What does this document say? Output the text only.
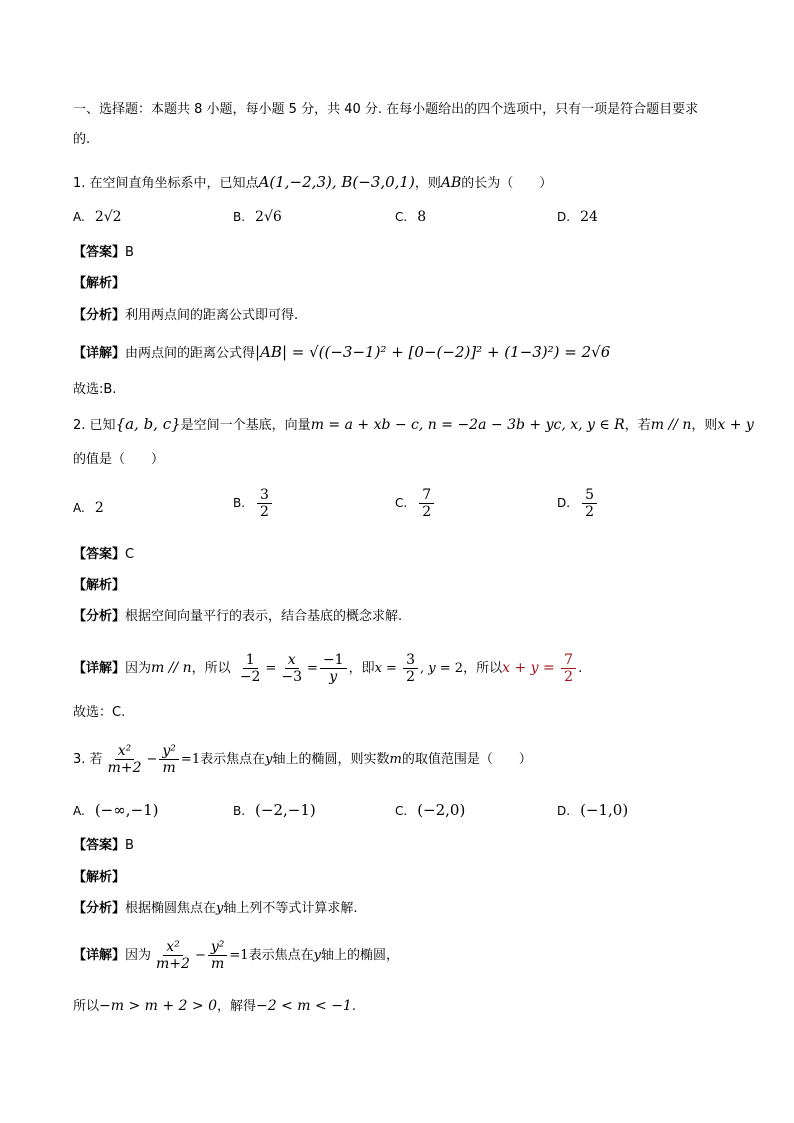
一、选择题：本题共 8 小题，每小题 5 分，共 40 分. 在每小题给出的四个选项中，只有一项是符合题目要求
的.
1. 在空间直角坐标系中，已知点A(1,−2,3), B(−3,0,1)，则AB的长为（　　）
A. 2√2	B. 2√6	C. 8	D. 24
【答案】B
【解析】
【分析】利用两点间的距离公式即可得.
【详解】由两点间的距离公式得|AB| = √((−3−1)² + [0−(−2)]² + (1−3)²) = 2√6
故选:B.
2. 已知{a, b, c}是空间一个基底，向量m = a + xb − c, n = −2a − 3b + yc, x, y ∈ R，若m // n，则x + y
的值是（　　）
A. 2	B. $\frac{3}{2}$	C. $\frac{7}{2}$	D. $\frac{5}{2}$
【答案】C
【解析】
【分析】根据空间向量平行的表示，结合基底的概念求解.
【详解】因为m // n，所以 $\frac{1}{-2} = \frac{x}{-3} = \frac{-1}{y}$ ，即$x = \frac{3}{2}$ , y = 2，所以$x + y = \frac{7}{2}$ .
故选：C.
3. 若 $\frac{\text{x²}}{m+2} - \frac{\text{y²}}{m} =1$表示焦点在y轴上的椭圆，则实数m的取值范围是（　　）
A. (−∞,−1)	B. (−2,−1)	C. (−2,0)	D. (−1,0)
【答案】B
【解析】
【分析】根据椭圆焦点在y轴上列不等式计算求解.
【详解】因为 $\frac{\text{x²}}{m+2} - \frac{\text{y²}}{m} =1$表示焦点在y轴上的椭圆，
所以−m > m + 2 > 0，解得−2 < m < −1.
